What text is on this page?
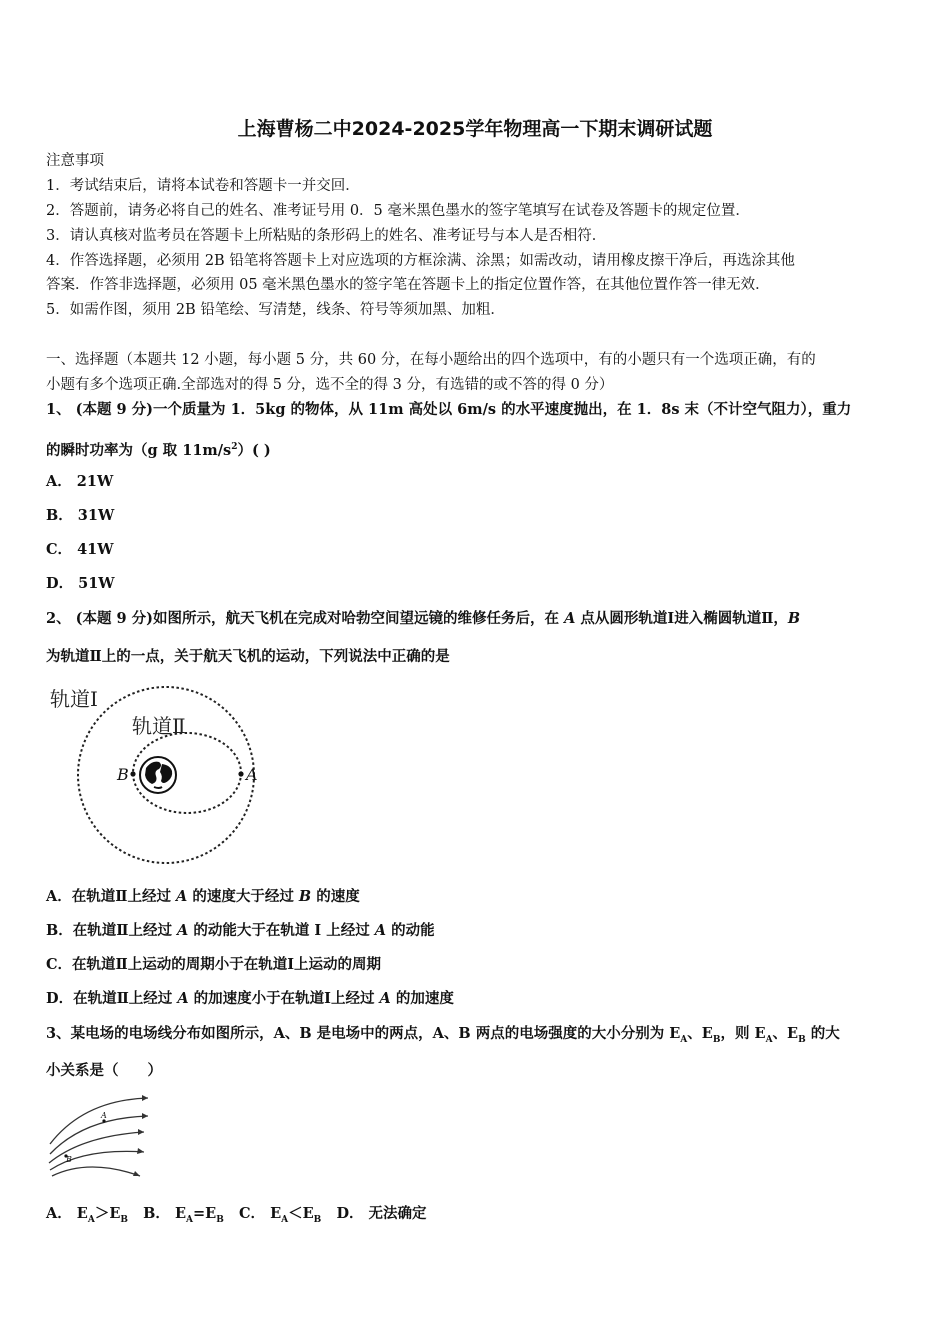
上海曹杨二中2024-2025学年物理高一下期末调研试题
注意事项
1．考试结束后，请将本试卷和答题卡一并交回．
2．答题前，请务必将自己的姓名、准考证号用 0．5 毫米黑色墨水的签字笔填写在试卷及答题卡的规定位置．
3．请认真核对监考员在答题卡上所粘贴的条形码上的姓名、准考证号与本人是否相符．
4．作答选择题，必须用 2B 铅笔将答题卡上对应选项的方框涂满、涂黑；如需改动，请用橡皮擦干净后，再选涂其他
答案．作答非选择题，必须用 05 毫米黑色墨水的签字笔在答题卡上的指定位置作答，在其他位置作答一律无效．
5．如需作图，须用 2B 铅笔绘、写清楚，线条、符号等须加黑、加粗．
一、选择题（本题共 12 小题，每小题 5 分，共 60 分，在每小题给出的四个选项中，有的小题只有一个选项正确，有的
小题有多个选项正确.全部选对的得 5 分，选不全的得 3 分，有选错的或不答的得 0 分）
1、 (本题 9 分)一个质量为 1．5kg 的物体，从 11m 高处以 6m/s 的水平速度抛出，在 1．8s 末（不计空气阻力），重力
的瞬时功率为（g 取 $11m/s^2$）( )
A． 21W
B． 31W
C． 41W
D． 51W
2、 (本题 9 分)如图所示，航天飞机在完成对哈勃空间望远镜的维修任务后，在 A 点从圆形轨道Ⅰ进入椭圆轨道Ⅱ，B
为轨道Ⅱ上的一点，关于航天飞机的运动，下列说法中正确的是
轨道Ⅰ
轨道Ⅱ
B	A
A．在轨道Ⅱ上经过 A 的速度大于经过 B 的速度
B．在轨道Ⅱ上经过 A 的动能大于在轨道 I 上经过 A 的动能
C．在轨道Ⅱ上运动的周期小于在轨道Ⅰ上运动的周期
D．在轨道Ⅱ上经过 A 的加速度小于在轨道Ⅰ上经过 A 的加速度
3、某电场的电场线分布如图所示，A、B 是电场中的两点，A、B 两点的电场强度的大小分别为 $E_A$、$E_B$，则 $E_A$、$E_B$ 的大
小关系是（　　）
A
B
A． $E_A>E_B$ B． $E_A=E_B$ C． $E_A<E_B$ D． 无法确定
